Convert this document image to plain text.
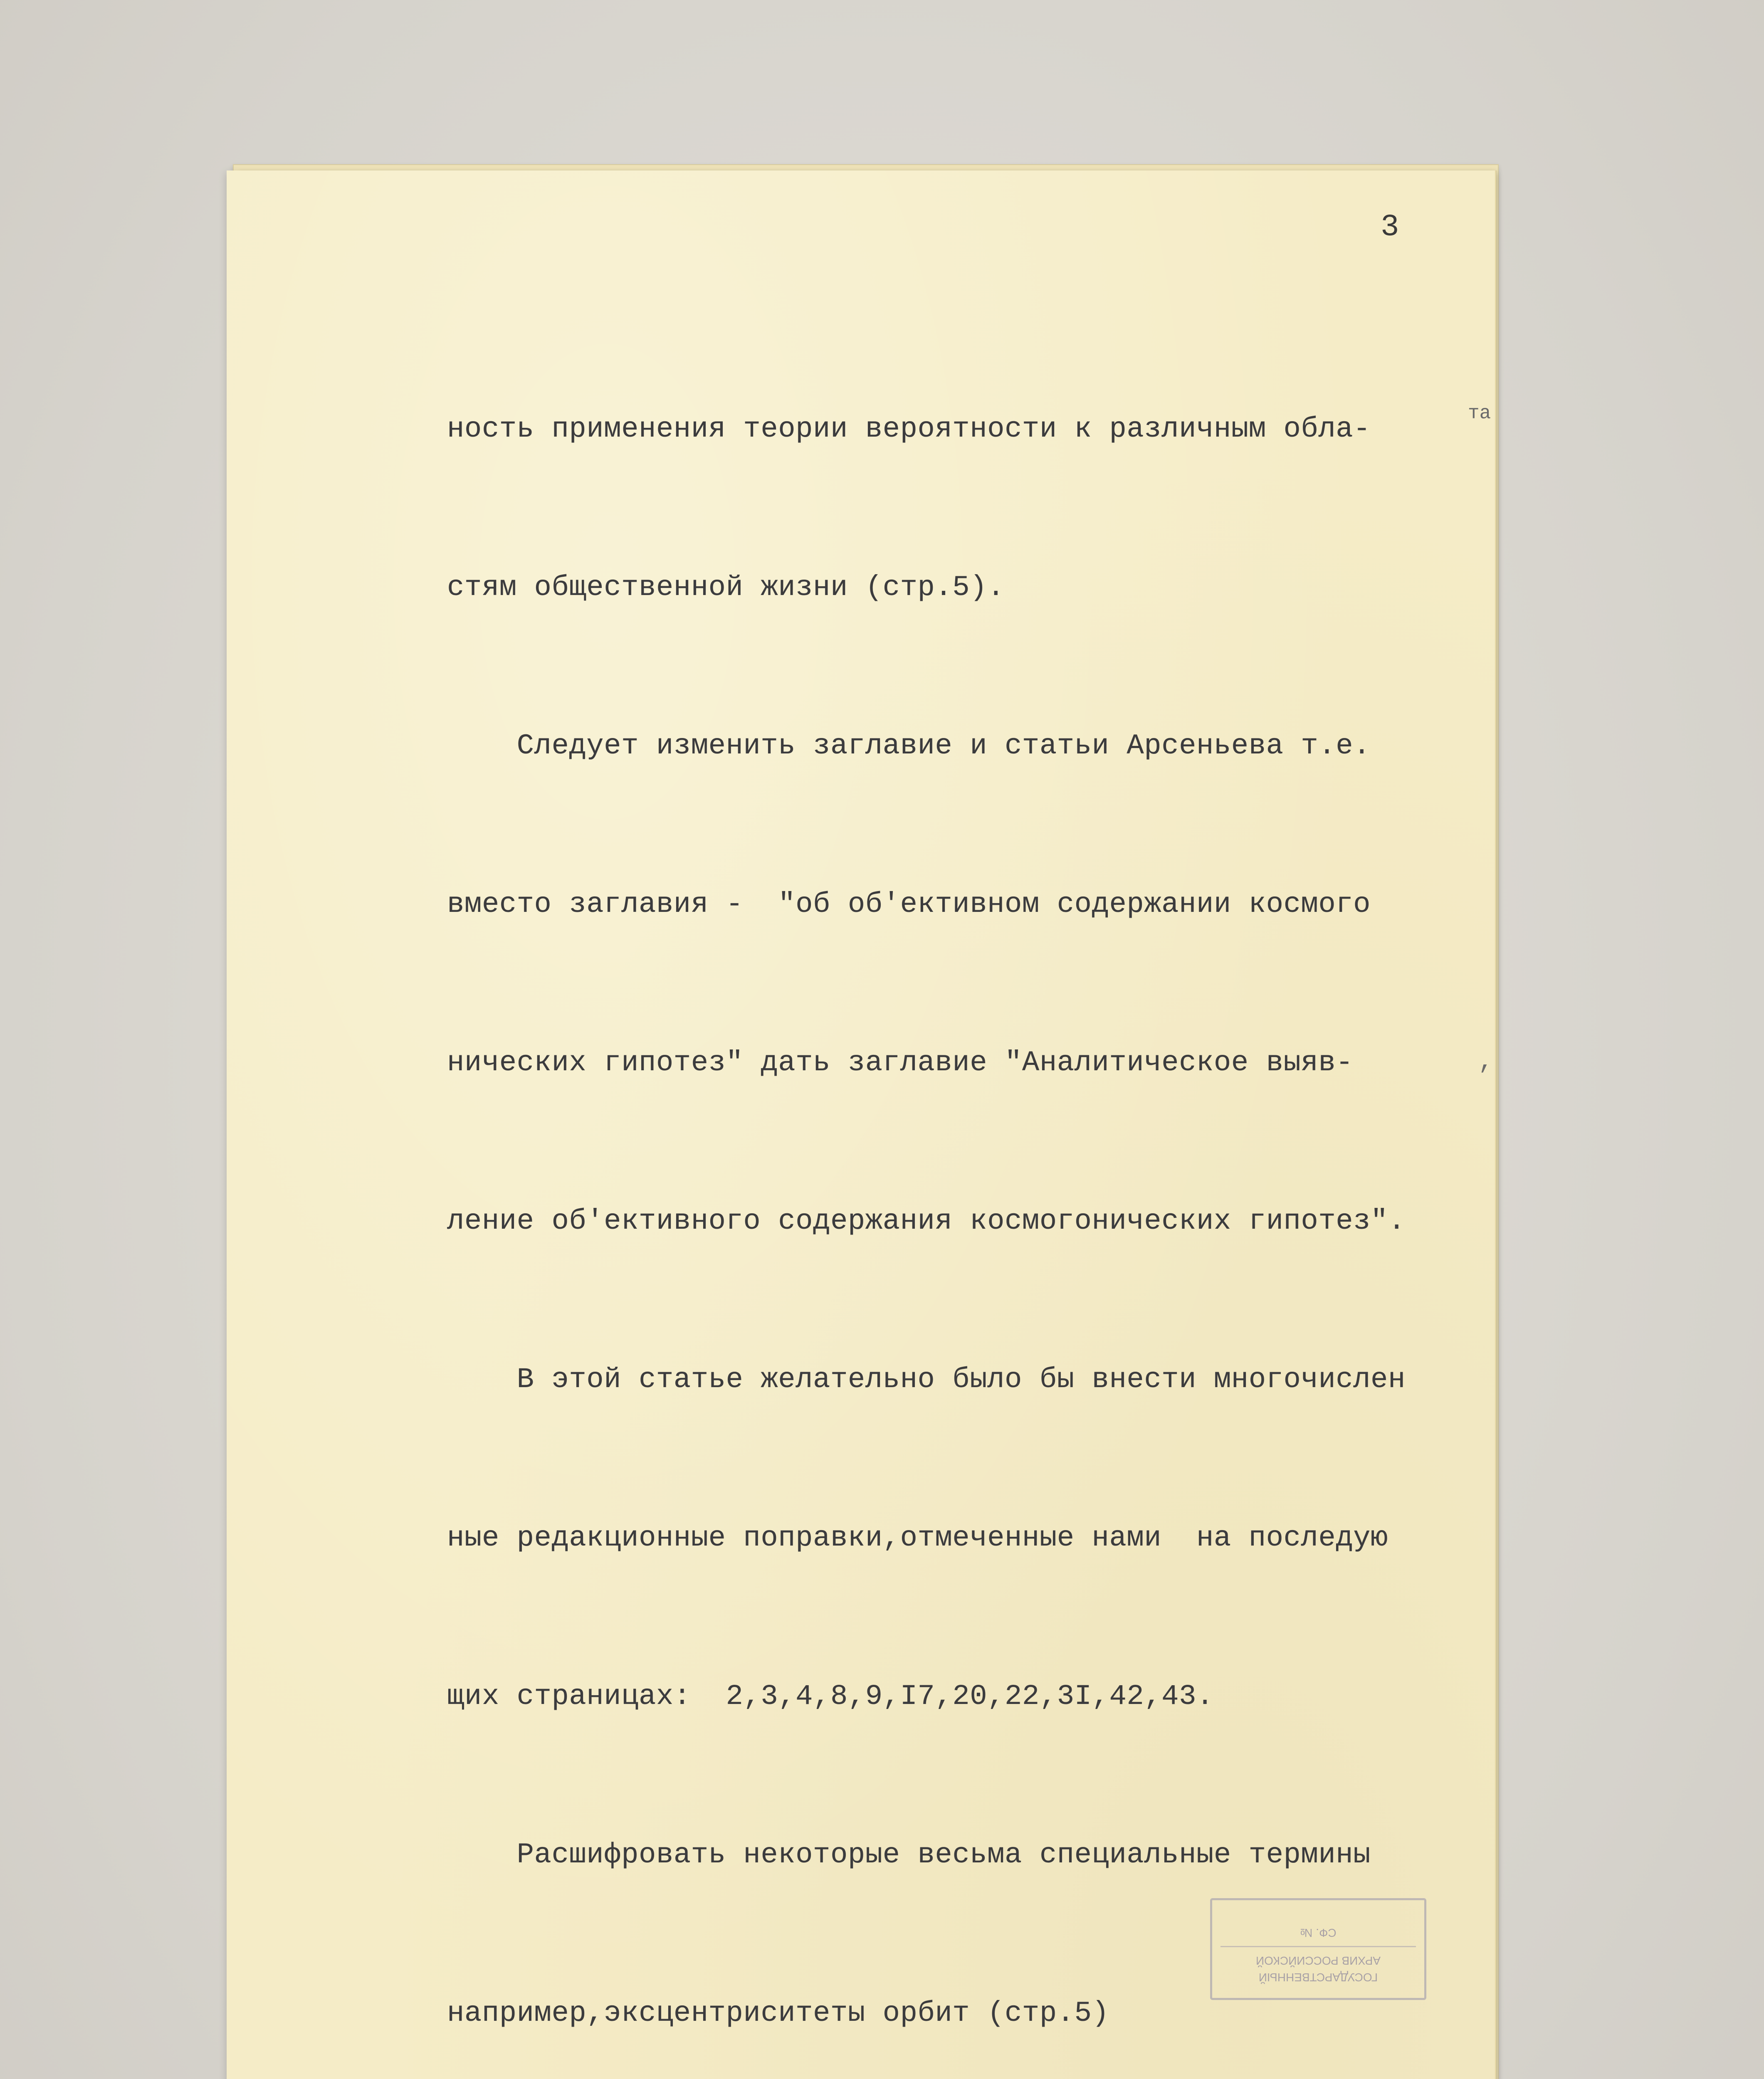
3
та
,

ность применения теории вероятности к различным обла-

стям общественной жизни (стр.5).

Следует изменить заглавие и статьи Арсеньева т.е.

вместо заглавия -  "об об'ективном содержании космого

нических гипотез" дать заглавие "Аналитическое выяв-

ление об'ективного содержания космогонических гипотез".

В этой статье желательно было бы внести многочислен

ные редакционные поправки,отмеченные нами  на последую

щих страницах:  2,3,4,8,9,I7,20,22,3I,42,43.

Расшифровать некоторые весьма специальные термины

например,эксцентриситеты орбит (стр.5)

ГОСУДАРСТВЕННЫЙ
АРХИВ РОССИЙСКОЙ
СФ. №
